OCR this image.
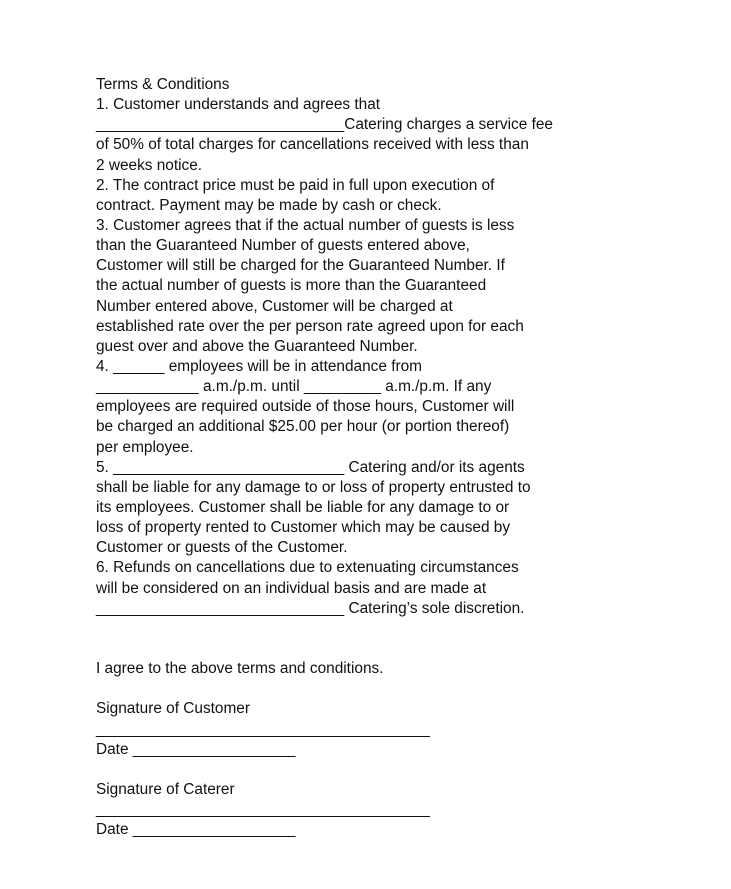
Terms & Conditions
1. Customer understands and agrees that
_____________________________Catering charges a service fee
of 50% of total charges for cancellations received with less than
2 weeks notice.
2. The contract price must be paid in full upon execution of
contract. Payment may be made by cash or check.
3. Customer agrees that if the actual number of guests is less
than the Guaranteed Number of guests entered above,
Customer will still be charged for the Guaranteed Number. If
the actual number of guests is more than the Guaranteed
Number entered above, Customer will be charged at
established rate over the per person rate agreed upon for each
guest over and above the Guaranteed Number.
4. ______ employees will be in attendance from
____________ a.m./p.m. until _________ a.m./p.m. If any
employees are required outside of those hours, Customer will
be charged an additional $25.00 per hour (or portion thereof)
per employee.
5. ___________________________ Catering and/or its agents
shall be liable for any damage to or loss of property entrusted to
its employees. Customer shall be liable for any damage to or
loss of property rented to Customer which may be caused by
Customer or guests of the Customer.
6. Refunds on cancellations due to extenuating circumstances
will be considered on an individual basis and are made at
_____________________________ Catering’s sole discretion.
I agree to the above terms and conditions.
Signature of Customer
_______________________________________
Date ___________________
Signature of Caterer
_______________________________________
Date ___________________
